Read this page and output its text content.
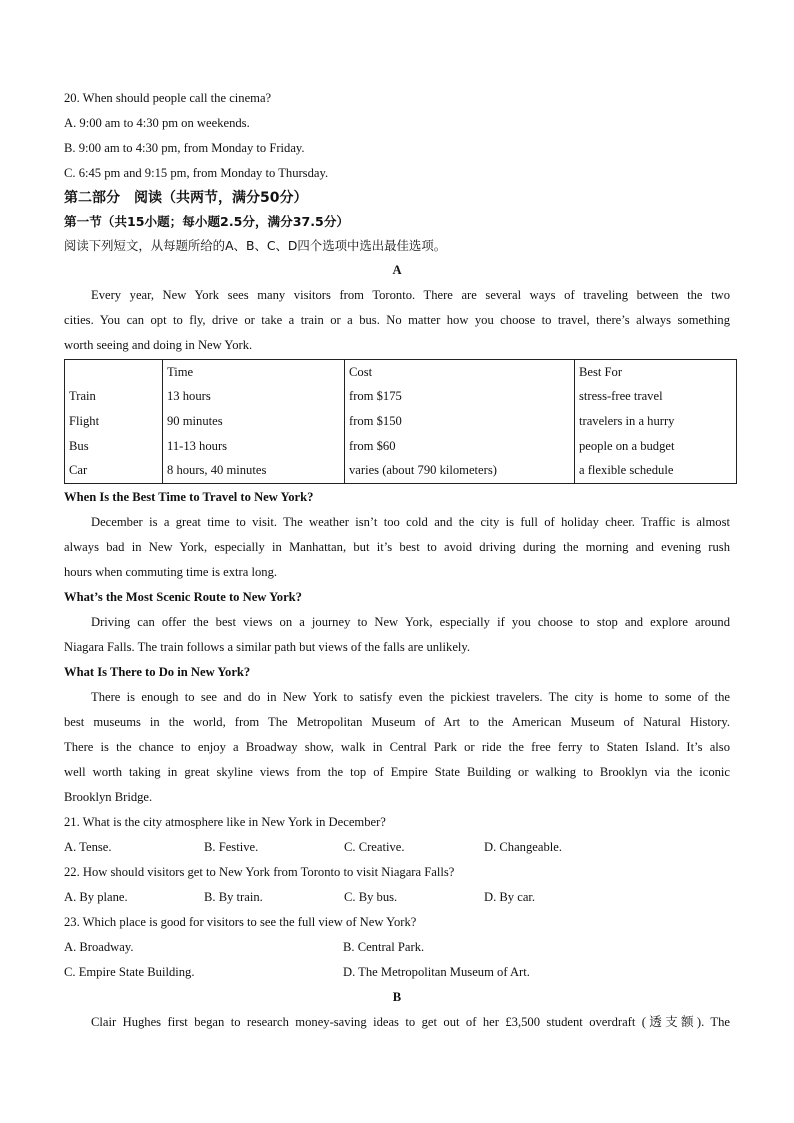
20. When should people call the cinema?
A. 9:00 am to 4:30 pm on weekends.
B. 9:00 am to 4:30 pm, from Monday to Friday.
C. 6:45 pm and 9:15 pm, from Monday to Thursday.
第二部分　阅读（共两节，满分50分）
第一节（共15小题；每小题2.5分，满分37.5分）
阅读下列短文，从每题所给的A、B、C、D四个选项中选出最佳选项。
A
Every year, New York sees many visitors from Toronto. There are several ways of traveling between the two
cities. You can opt to fly, drive or take a train or a bus. No matter how you choose to travel, there’s always something
worth seeing and doing in New York.
	Time	Cost	Best For
Train	13 hours	from $175	stress-free travel
Flight	90 minutes	from $150	travelers in a hurry
Bus	11-13 hours	from $60	people on a budget
Car	8 hours, 40 minutes	varies (about 790 kilometers)	a flexible schedule
When Is the Best Time to Travel to New York?
December is a great time to visit. The weather isn’t too cold and the city is full of holiday cheer. Traffic is almost
always bad in New York, especially in Manhattan, but it’s best to avoid driving during the morning and evening rush
hours when commuting time is extra long.
What’s the Most Scenic Route to New York?
Driving can offer the best views on a journey to New York, especially if you choose to stop and explore around
Niagara Falls. The train follows a similar path but views of the falls are unlikely.
What Is There to Do in New York?
There is enough to see and do in New York to satisfy even the pickiest travelers. The city is home to some of the
best museums in the world, from The Metropolitan Museum of Art to the American Museum of Natural History.
There is the chance to enjoy a Broadway show, walk in Central Park or ride the free ferry to Staten Island. It’s also
well worth taking in great skyline views from the top of Empire State Building or walking to Brooklyn via the iconic
Brooklyn Bridge.
21. What is the city atmosphere like in New York in December?
A. Tense.	B. Festive.	C. Creative.	D. Changeable.
22. How should visitors get to New York from Toronto to visit Niagara Falls?
A. By plane.	B. By train.	C. By bus.	D. By car.
23. Which place is good for visitors to see the full view of New York?
A. Broadway.	B. Central Park.
C. Empire State Building.	D. The Metropolitan Museum of Art.
B
Clair Hughes first began to research money-saving ideas to get out of her £3,500 student overdraft (透支额). The
